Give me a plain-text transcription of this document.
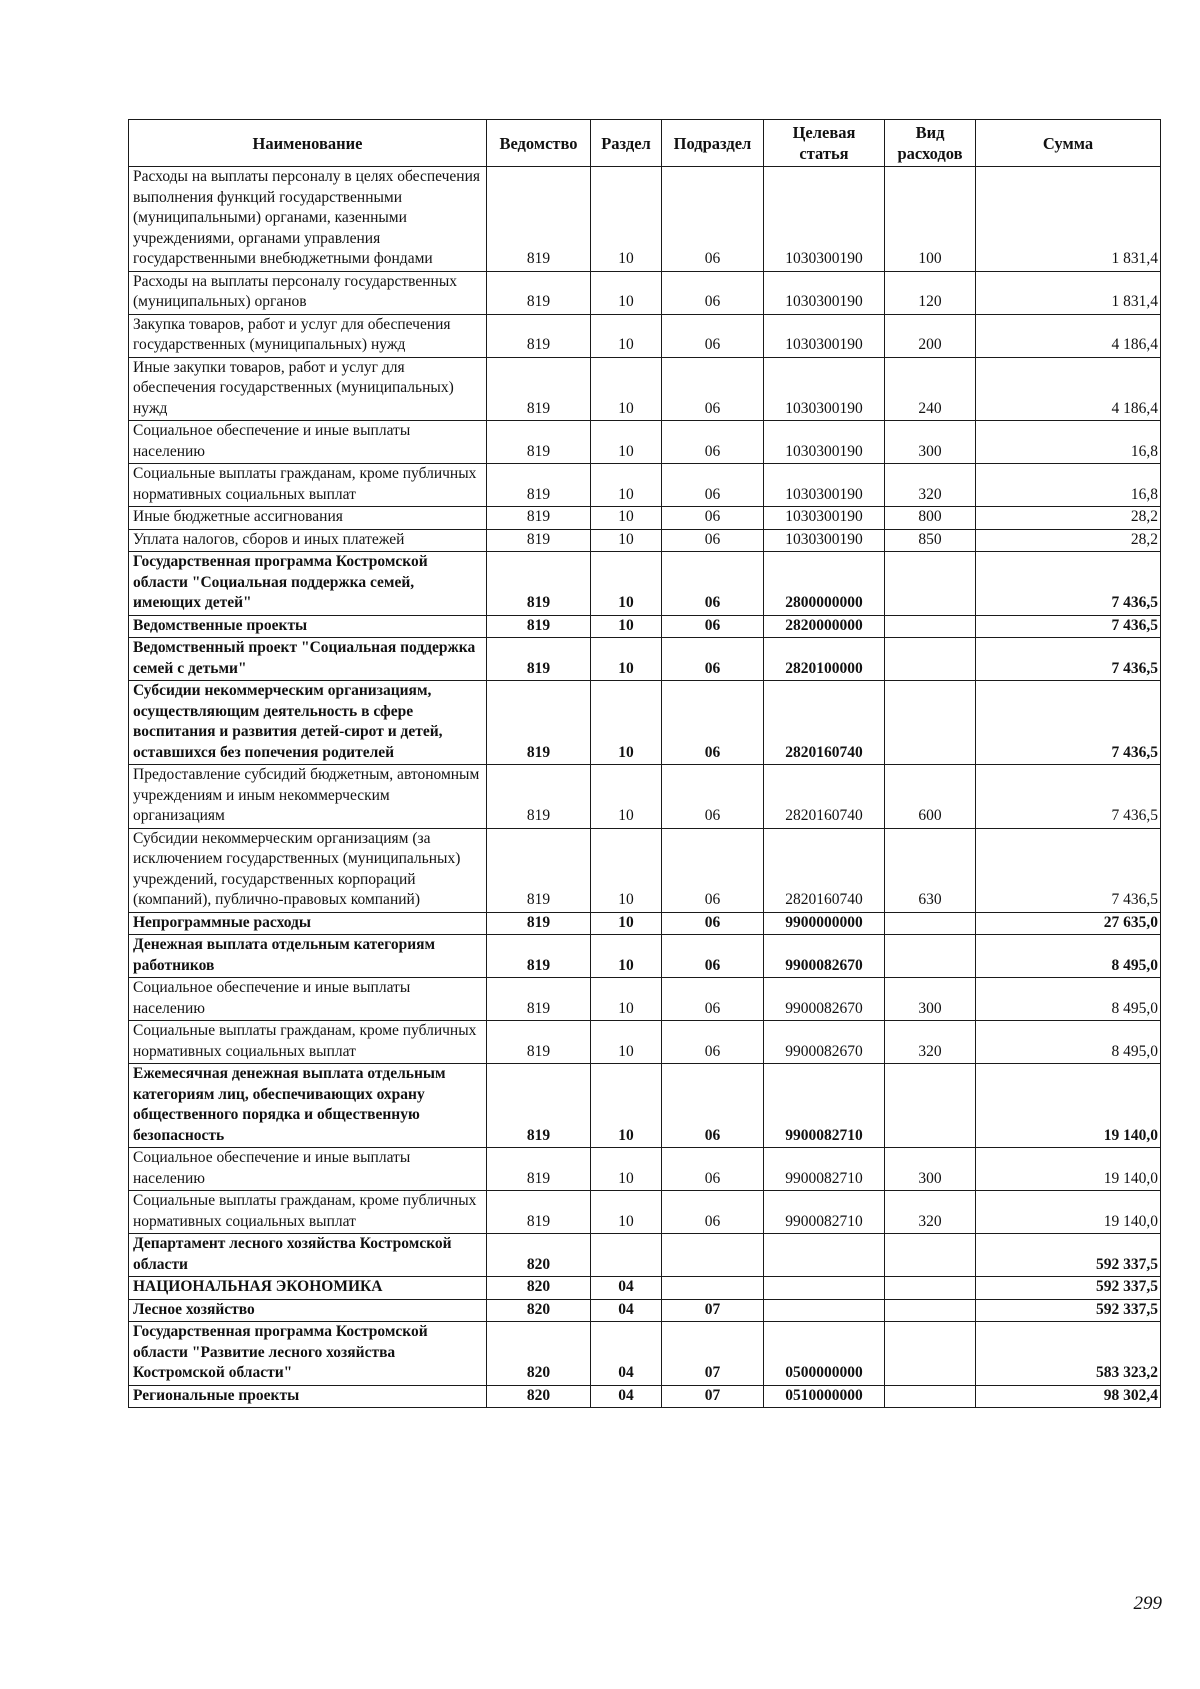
Наименование	Ведомство	Раздел	Подраздел	Целевая статья	Вид расходов	Сумма
Расходы на выплаты персоналу в целях обеспечения выполнения функций государственными (муниципальными) органами, казенными учреждениями, органами управления государственными внебюджетными фондами	819	10	06	1030300190	100	1 831,4
Расходы на выплаты персоналу государственных (муниципальных) органов	819	10	06	1030300190	120	1 831,4
Закупка товаров, работ и услуг для обеспечения государственных (муниципальных) нужд	819	10	06	1030300190	200	4 186,4
Иные закупки товаров, работ и услуг для обеспечения государственных (муниципальных) нужд	819	10	06	1030300190	240	4 186,4
Социальное обеспечение и иные выплаты населению	819	10	06	1030300190	300	16,8
Социальные выплаты гражданам, кроме публичных нормативных социальных выплат	819	10	06	1030300190	320	16,8
Иные бюджетные ассигнования	819	10	06	1030300190	800	28,2
Уплата налогов, сборов и иных платежей	819	10	06	1030300190	850	28,2
Государственная программа Костромской области "Социальная поддержка семей, имеющих детей"	819	10	06	2800000000		7 436,5
Ведомственные проекты	819	10	06	2820000000		7 436,5
Ведомственный проект "Социальная поддержка семей с детьми"	819	10	06	2820100000		7 436,5
Субсидии некоммерческим организациям, осуществляющим деятельность в сфере воспитания и развития детей-сирот и детей, оставшихся без попечения родителей	819	10	06	2820160740		7 436,5
Предоставление субсидий бюджетным, автономным учреждениям и иным некоммерческим организациям	819	10	06	2820160740	600	7 436,5
Субсидии некоммерческим организациям (за исключением государственных (муниципальных) учреждений, государственных корпораций (компаний), публично-правовых компаний)	819	10	06	2820160740	630	7 436,5
Непрограммные расходы	819	10	06	9900000000		27 635,0
Денежная выплата отдельным категориям работников	819	10	06	9900082670		8 495,0
Социальное обеспечение и иные выплаты населению	819	10	06	9900082670	300	8 495,0
Социальные выплаты гражданам, кроме публичных нормативных социальных выплат	819	10	06	9900082670	320	8 495,0
Ежемесячная денежная выплата отдельным категориям лиц, обеспечивающих охрану общественного порядка и общественную безопасность	819	10	06	9900082710		19 140,0
Социальное обеспечение и иные выплаты населению	819	10	06	9900082710	300	19 140,0
Социальные выплаты гражданам, кроме публичных нормативных социальных выплат	819	10	06	9900082710	320	19 140,0
Департамент лесного хозяйства Костромской области	820					592 337,5
НАЦИОНАЛЬНАЯ ЭКОНОМИКА	820	04				592 337,5
Лесное хозяйство	820	04	07			592 337,5
Государственная программа Костромской области "Развитие лесного хозяйства Костромской области"	820	04	07	0500000000		583 323,2
Региональные проекты	820	04	07	0510000000		98 302,4
299
